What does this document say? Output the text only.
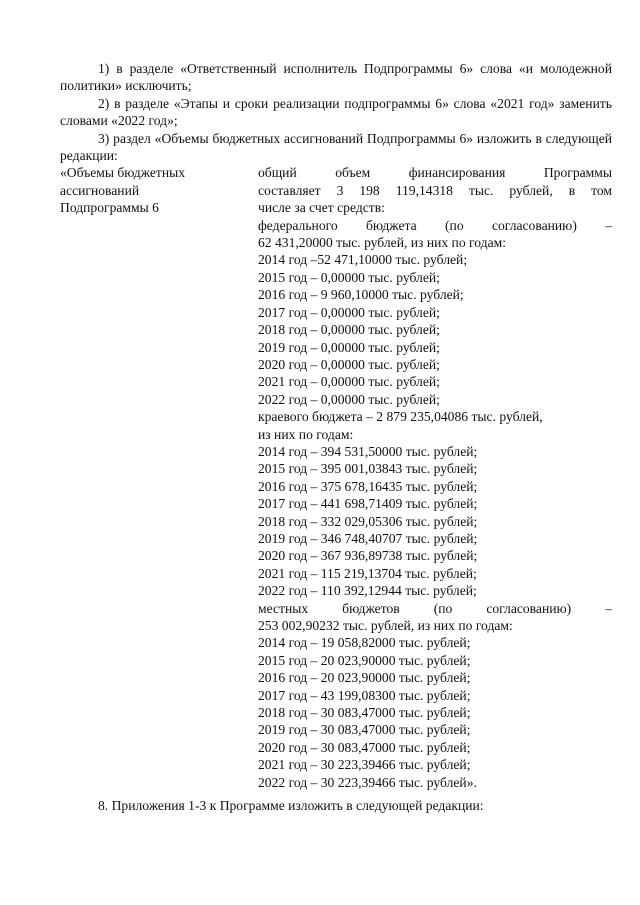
1) в разделе «Ответственный исполнитель Подпрограммы 6» слова «и молодежной политики» исключить;

2) в разделе «Этапы и сроки реализации подпрограммы 6» слова «2021 год» заменить словами «2022 год»;

3) раздел «Объемы бюджетных ассигнований Подпрограммы 6» изложить в следующей редакции:

«Объемы бюджетных
ассигнований
Подпрограммы 6
общий объем финансирования Программы
составляет 3 198 119,14318 тыс. рублей, в том
числе за счет средств:
федерального бюджета (по согласованию) –
62 431,20000 тыс. рублей, из них по годам:
2014 год –52 471,10000 тыс. рублей;
2015 год – 0,00000 тыс. рублей;
2016 год – 9 960,10000 тыс. рублей;
2017 год – 0,00000 тыс. рублей;
2018 год – 0,00000 тыс. рублей;
2019 год – 0,00000 тыс. рублей;
2020 год – 0,00000 тыс. рублей;
2021 год – 0,00000 тыс. рублей;
2022 год – 0,00000 тыс. рублей;
краевого бюджета – 2 879 235,04086 тыс. рублей,
из них по годам:
2014 год – 394 531,50000 тыс. рублей;
2015 год – 395 001,03843 тыс. рублей;
2016 год – 375 678,16435 тыс. рублей;
2017 год – 441 698,71409 тыс. рублей;
2018 год – 332 029,05306 тыс. рублей;
2019 год – 346 748,40707 тыс. рублей;
2020 год – 367 936,89738 тыс. рублей;
2021 год – 115 219,13704 тыс. рублей;
2022 год – 110 392,12944 тыс. рублей;
местных бюджетов (по согласованию) –
253 002,90232 тыс. рублей, из них по годам:
2014 год – 19 058,82000 тыс. рублей;
2015 год – 20 023,90000 тыс. рублей;
2016 год – 20 023,90000 тыс. рублей;
2017 год – 43 199,08300 тыс. рублей;
2018 год – 30 083,47000 тыс. рублей;
2019 год – 30 083,47000 тыс. рублей;
2020 год – 30 083,47000 тыс. рублей;
2021 год – 30 223,39466 тыс. рублей;
2022 год – 30 223,39466 тыс. рублей».

8. Приложения 1-3 к Программе изложить в следующей редакции:
